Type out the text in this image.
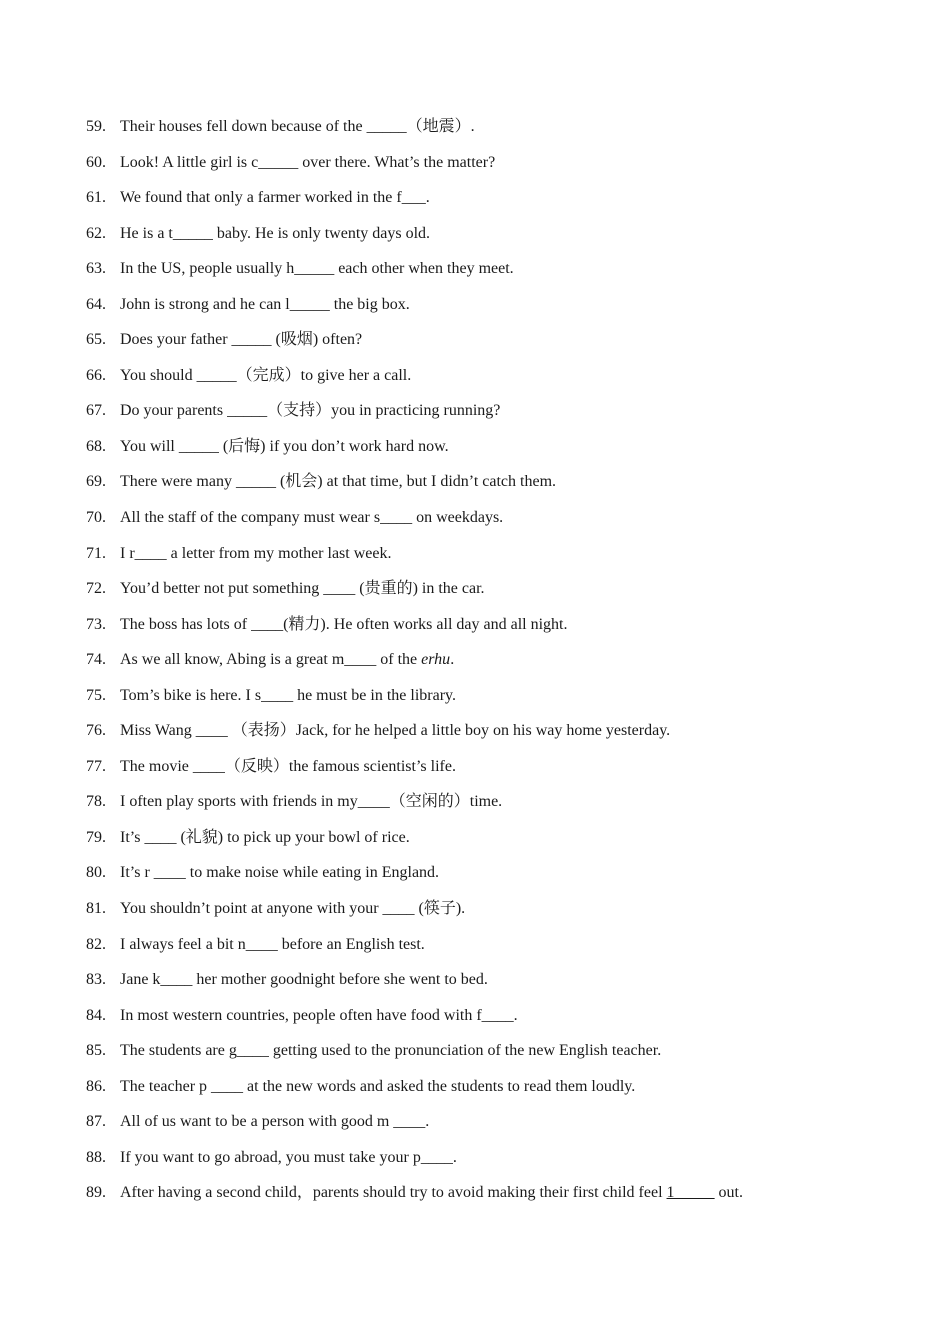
59. Their houses fell down because of the _____（地震）.
60. Look! A little girl is c_____ over there. What’s the matter?
61. We found that only a farmer worked in the f___.
62. He is a t_____ baby. He is only twenty days old.
63. In the US, people usually h_____ each other when they meet.
64. John is strong and he can l_____ the big box.
65. Does your father _____ (吸烟) often?
66. You should _____（完成）to give her a call.
67. Do your parents _____（支持）you in practicing running?
68. You will _____ (后悔) if you don’t work hard now.
69. There were many _____ (机会) at that time, but I didn’t catch them.
70. All the staff of the company must wear s____ on weekdays.
71. I r____ a letter from my mother last week.
72. You’d better not put something ____ (贵重的) in the car.
73. The boss has lots of ____(精力). He often works all day and all night.
74. As we all know, Abing is a great m____ of the erhu.
75. Tom’s bike is here. I s____ he must be in the library.
76. Miss Wang ____ （表扬）Jack, for he helped a little boy on his way home yesterday.
77. The movie ____（反映）the famous scientist’s life.
78. I often play sports with friends in my____（空闲的）time.
79. It’s ____ (礼貌) to pick up your bowl of rice.
80. It’s r ____ to make noise while eating in England.
81. You shouldn’t point at anyone with your ____ (筷子).
82. I always feel a bit n____ before an English test.
83. Jane k____ her mother goodnight before she went to bed.
84. In most western countries, people often have food with f____.
85. The students are g____ getting used to the pronunciation of the new English teacher.
86. The teacher p ____ at the new words and asked the students to read them loudly.
87. All of us want to be a person with good m ____.
88. If you want to go abroad, you must take your p____.
89. After having a second child，parents should try to avoid making their first child feel 1_____ out.
